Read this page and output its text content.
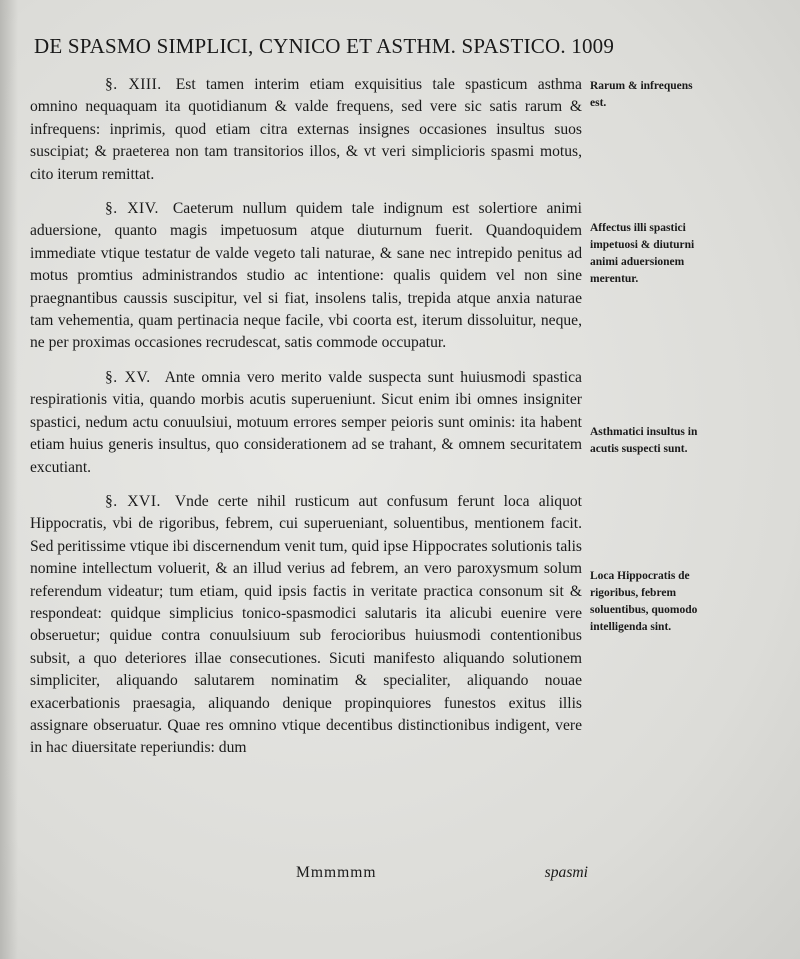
DE SPASMO SIMPLICI, CYNICO ET ASTHM. SPASTICO. 1009

§. XIII. Est tamen interim etiam exquisitius tale spasticum asthma omnino nequaquam ita quotidianum & valde frequens, sed vere sic satis rarum & infrequens: inprimis, quod etiam citra externas insignes occasiones insultus suos suscipiat; & praeterea non tam transitorios illos, & vt veri simplicioris spasmi motus, cito iterum remittat.

§. XIV. Caeterum nullum quidem tale indignum est solertiore animi aduersione, quanto magis impetuosum atque diuturnum fuerit. Quandoquidem immediate vtique testatur de valde vegeto tali naturae, & sane nec intrepido penitus ad motus promtius administrandos studio ac intentione: qualis quidem vel non sine praegnantibus caussis suscipitur, vel si fiat, insolens talis, trepida atque anxia naturae tam vehementia, quam pertinacia neque facile, vbi coorta est, iterum dissoluitur, neque, ne per proximas occasiones recrudescat, satis commode occupatur.

§. XV. Ante omnia vero merito valde suspecta sunt huiusmodi spastica respirationis vitia, quando morbis acutis superueniunt. Sicut enim ibi omnes insigniter spastici, nedum actu conuulsiui, motuum errores semper peioris sunt ominis: ita habent etiam huius generis insultus, quo considerationem ad se trahant, & omnem securitatem excutiant.

§. XVI. Vnde certe nihil rusticum aut confusum ferunt loca aliquot Hippocratis, vbi de rigoribus, febrem, cui superueniant, soluentibus, mentionem facit. Sed peritissime vtique ibi discernendum venit tum, quid ipse Hippocrates solutionis talis nomine intellectum voluerit, & an illud verius ad febrem, an vero paroxysmum solum referendum videatur; tum etiam, quid ipsis factis in veritate practica consonum sit & respondeat: quidque simplicius tonico-spasmodici salutaris ita alicubi euenire vere obseruetur; quidue contra conuulsiuum sub ferocioribus huiusmodi contentionibus subsit, a quo deteriores illae consecutiones. Sicuti manifesto aliquando solutionem simpliciter, aliquando salutarem nominatim & specialiter, aliquando nouae exacerbationis praesagia, aliquando denique propinquiores funestos exitus illis assignare obseruatur. Quae res omnino vtique decentibus distinctionibus indigent, vere in hac diuersitate reperiundis: dum

Rarum & infrequens est.
Affectus illi spastici impetuosi & diuturni animi aduersionem merentur.
Asthmatici insultus in acutis suspecti sunt.
Loca Hippocratis de rigoribus, febrem soluentibus, quomodo intelligenda sint.
Mmmmmm	spasmi
